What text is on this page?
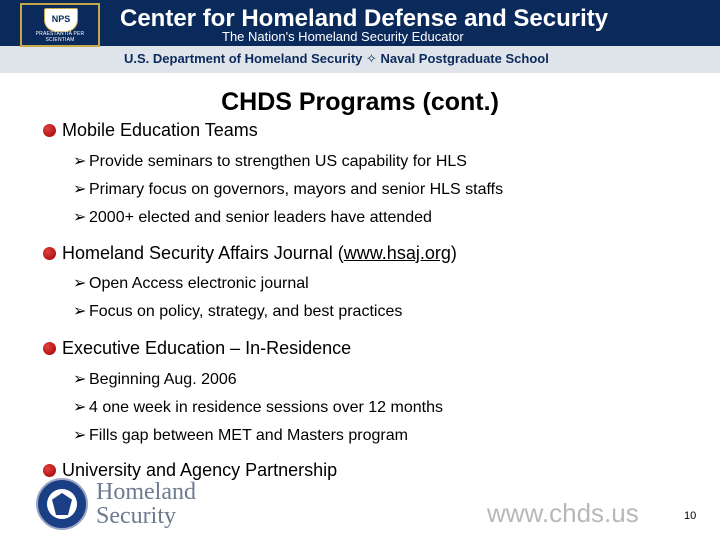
NPS
PRAESTANTIA PER SCIENTIAM
Center for Homeland Defense and Security
The Nation's Homeland Security Educator
U.S. Department of Homeland Security ✧ Naval Postgraduate School
CHDS Programs (cont.)
Mobile Education Teams
➢ Provide seminars to strengthen US capability for HLS
➢ Primary focus on governors, mayors and senior HLS staffs
➢ 2000+ elected and senior leaders have attended
Homeland Security Affairs Journal (www.hsaj.org)
➢ Open Access electronic journal
➢ Focus on policy, strategy, and best practices
Executive Education – In-Residence
➢ Beginning Aug. 2006
➢ 4 one week in residence sessions over 12 months
➢ Fills gap between MET and Masters program
University and Agency Partnership
Homeland
Security	www.chds.us	10
